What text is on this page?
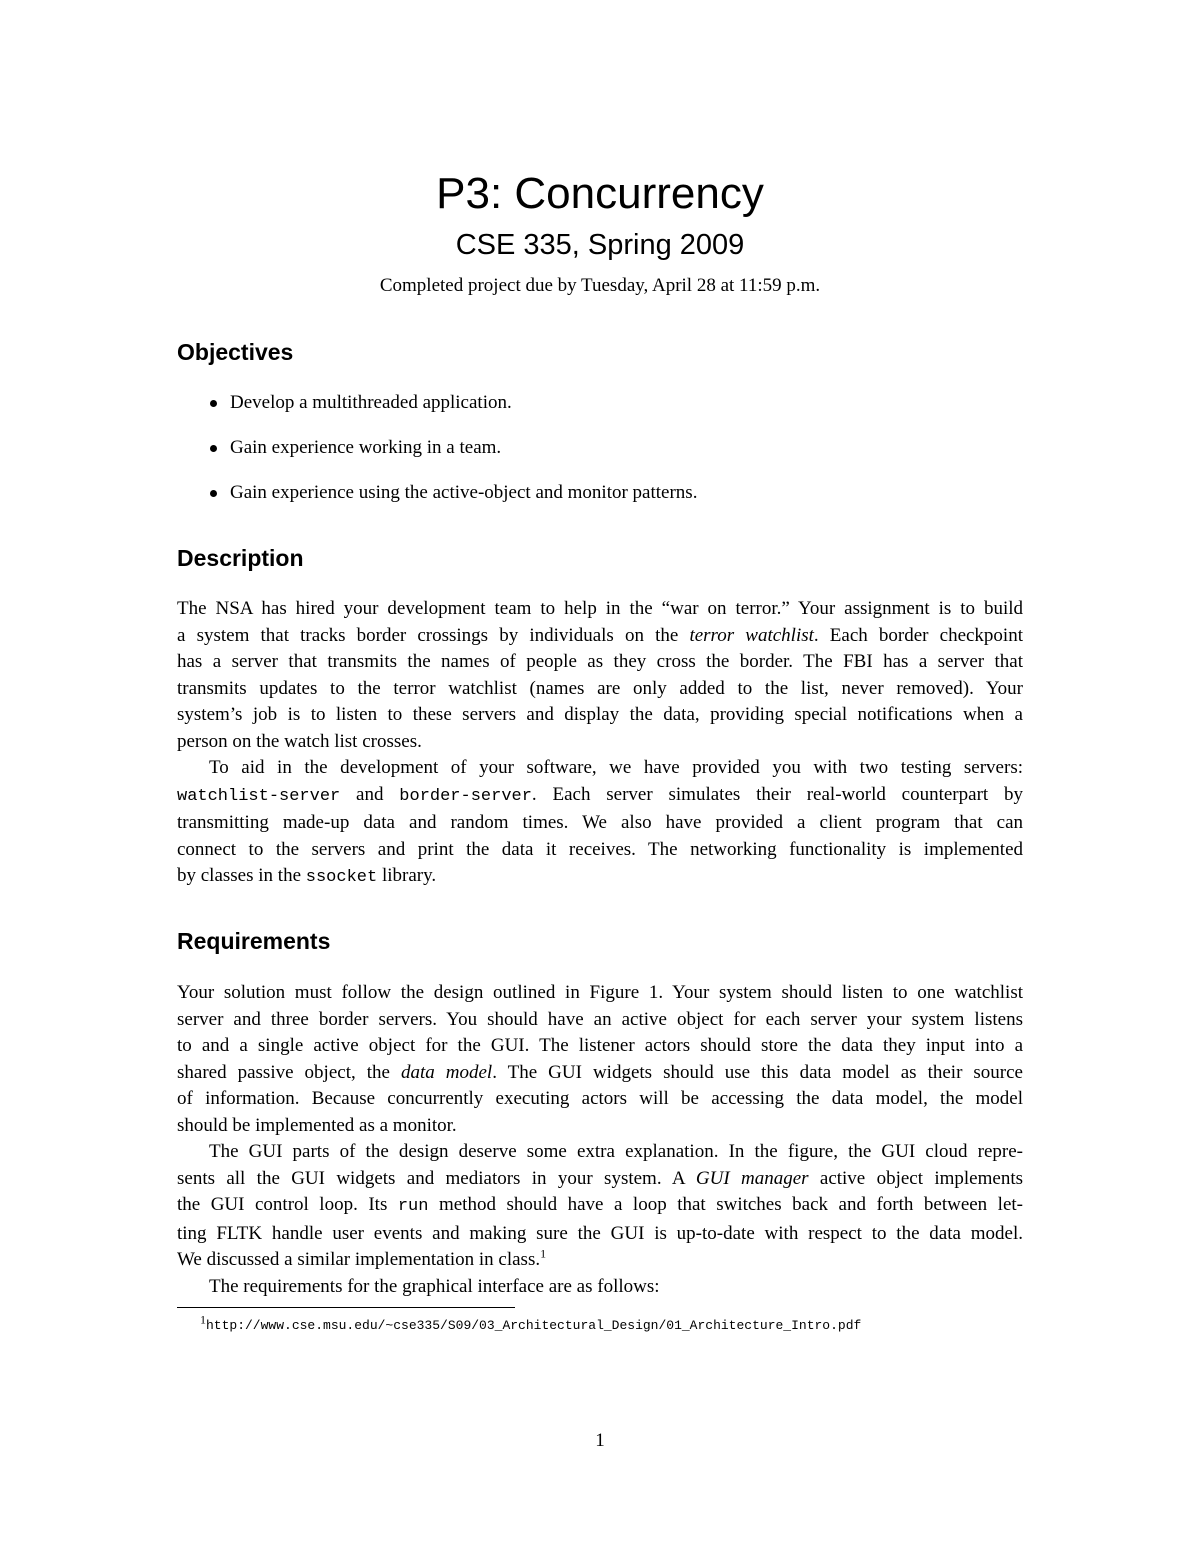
P3: Concurrency
CSE 335, Spring 2009
Completed project due by Tuesday, April 28 at 11:59 p.m.
Objectives
Develop a multithreaded application.
Gain experience working in a team.
Gain experience using the active-object and monitor patterns.
Description
The NSA has hired your development team to help in the “war on terror.” Your assignment is to build
a system that tracks border crossings by individuals on the terror watchlist. Each border checkpoint
has a server that transmits the names of people as they cross the border. The FBI has a server that
transmits updates to the terror watchlist (names are only added to the list, never removed). Your
system’s job is to listen to these servers and display the data, providing special notifications when a
person on the watch list crosses.
To aid in the development of your software, we have provided you with two testing servers:
watchlist-server and border-server. Each server simulates their real-world counterpart by
transmitting made-up data and random times. We also have provided a client program that can
connect to the servers and print the data it receives. The networking functionality is implemented
by classes in the ssocket library.
Requirements
Your solution must follow the design outlined in Figure 1. Your system should listen to one watchlist
server and three border servers. You should have an active object for each server your system listens
to and a single active object for the GUI. The listener actors should store the data they input into a
shared passive object, the data model. The GUI widgets should use this data model as their source
of information. Because concurrently executing actors will be accessing the data model, the model
should be implemented as a monitor.
The GUI parts of the design deserve some extra explanation. In the figure, the GUI cloud repre-
sents all the GUI widgets and mediators in your system. A GUI manager active object implements
the GUI control loop. Its run method should have a loop that switches back and forth between let-
ting FLTK handle user events and making sure the GUI is up-to-date with respect to the data model.
We discussed a similar implementation in class.$^1$
The requirements for the graphical interface are as follows:
1http://www.cse.msu.edu/~cse335/S09/03_Architectural_Design/01_Architecture_Intro.pdf
1
